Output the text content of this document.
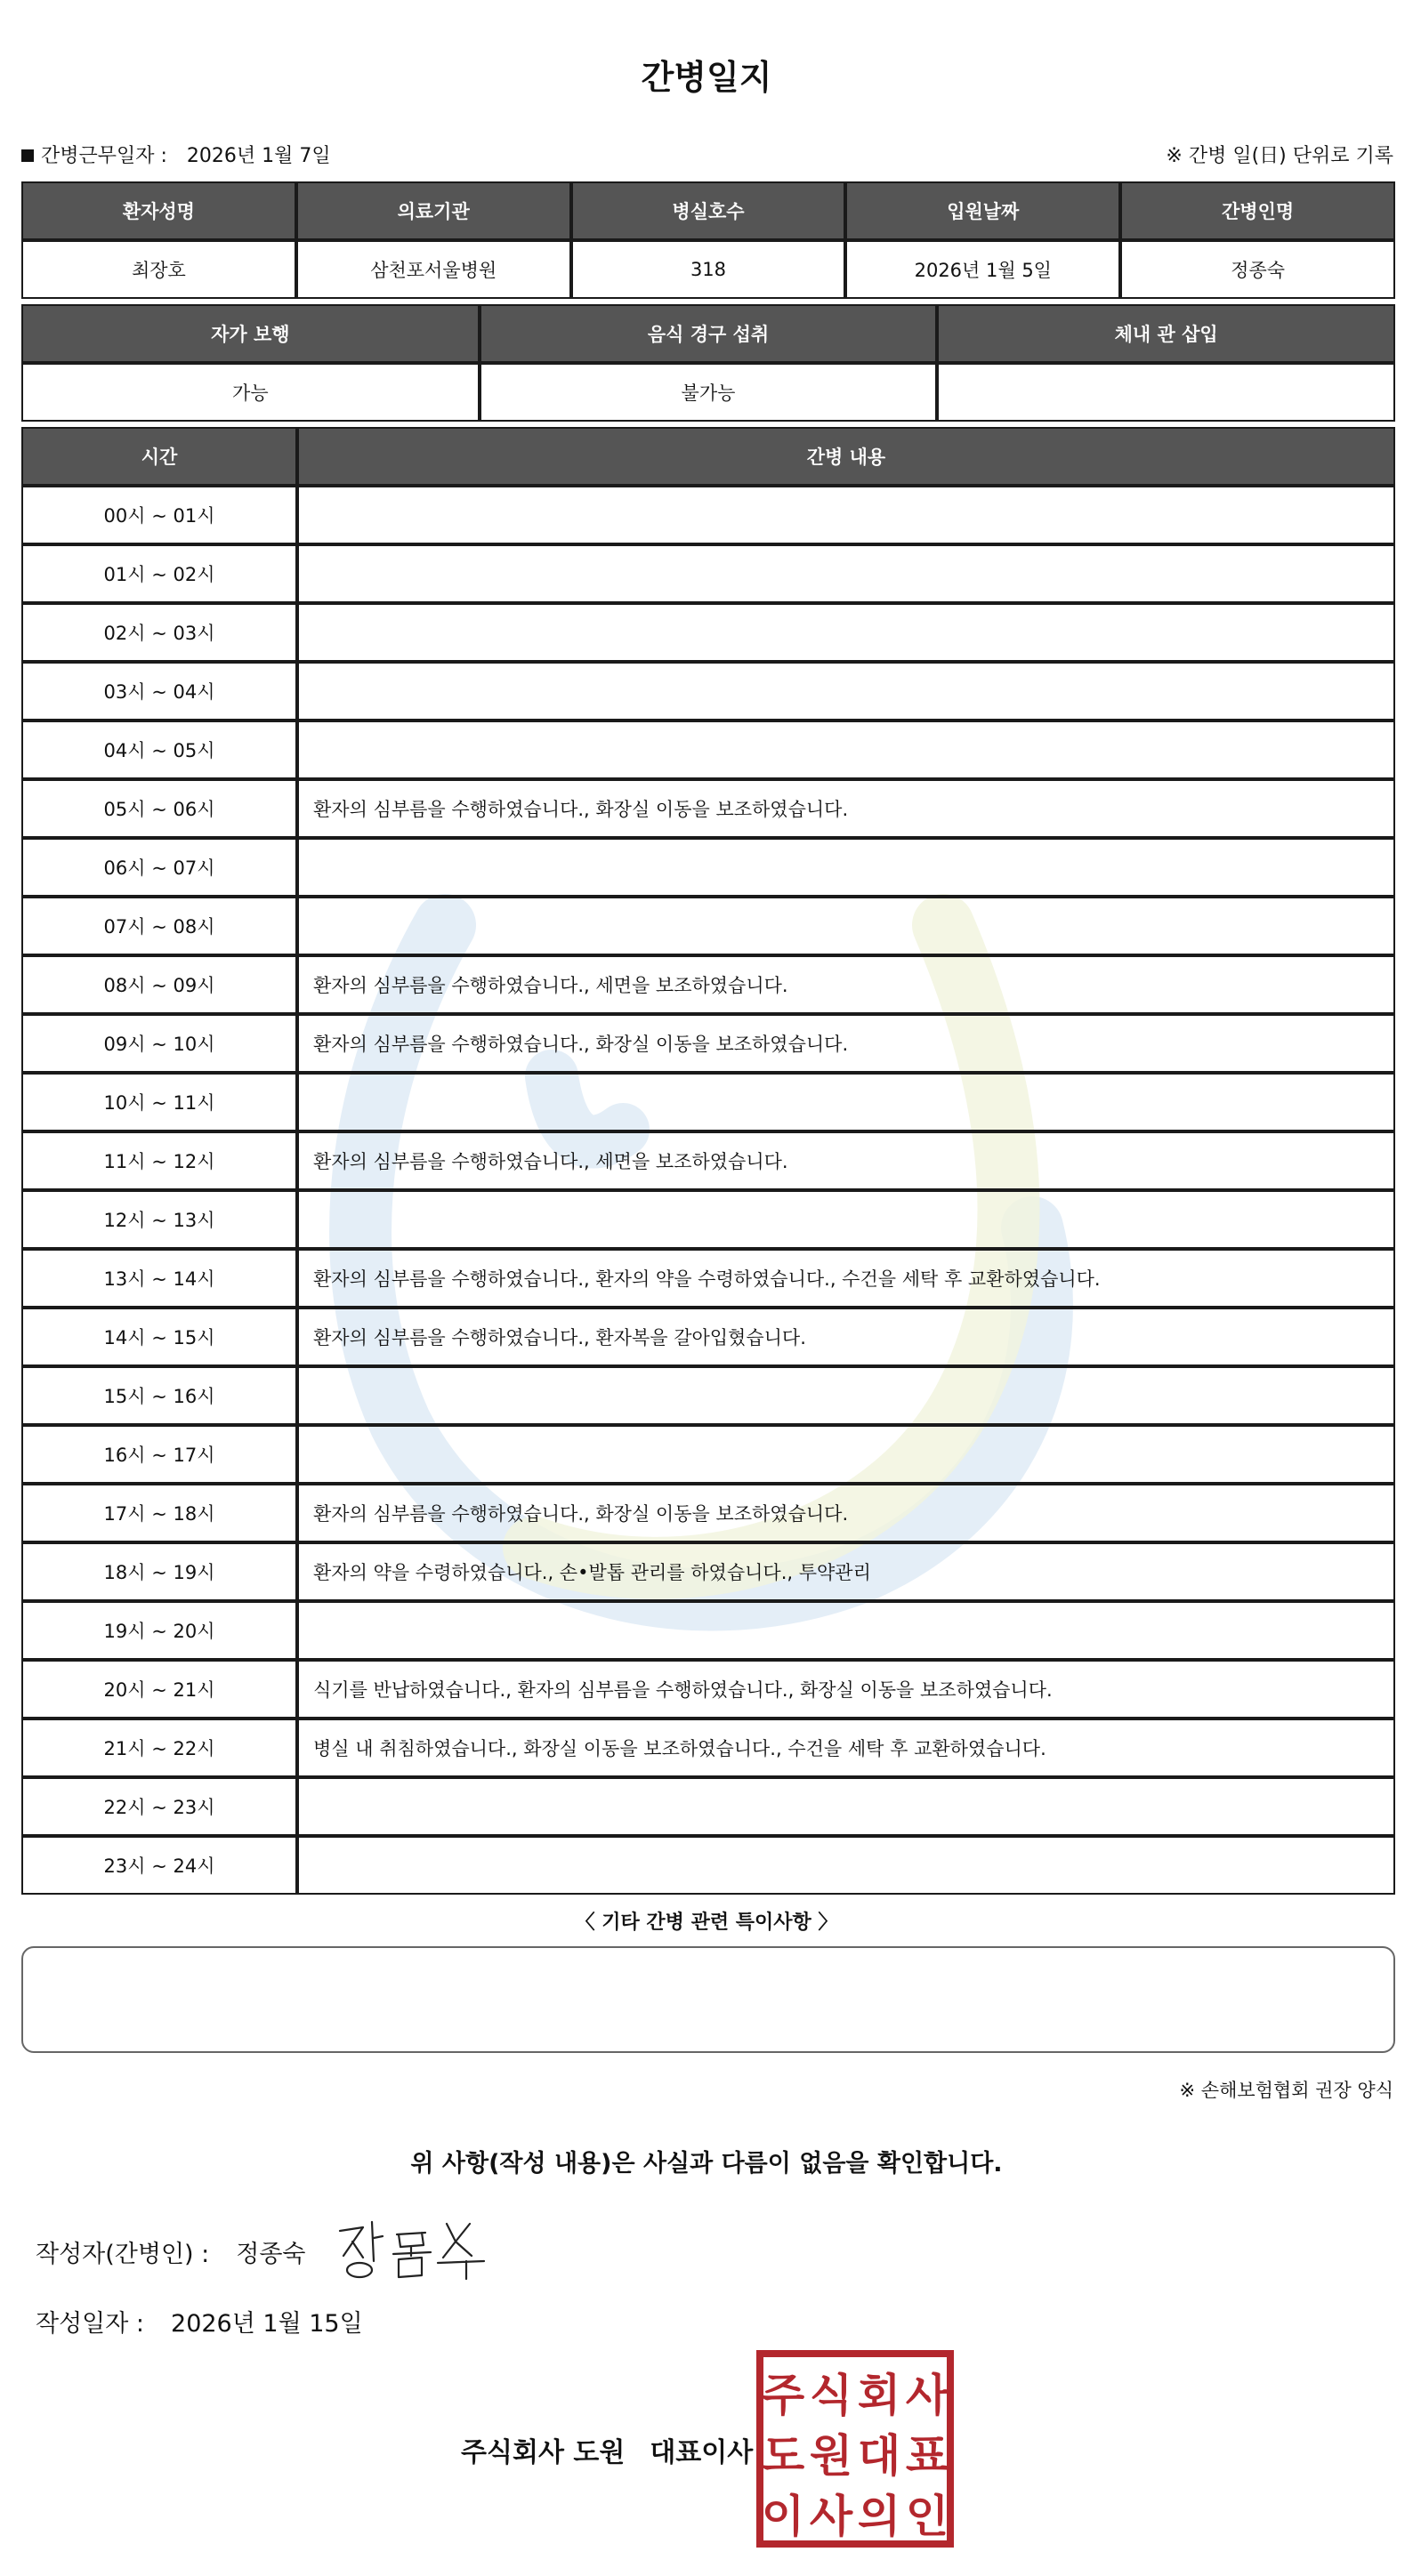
간병일지
간병근무일자 : 2026년 1월 7일	※ 간병 일(日) 단위로 기록
환자성명	의료기관	병실호수	입원날짜	간병인명
최장호	삼천포서울병원	318	2026년 1월 5일	정종숙
자가 보행	음식 경구 섭취	체내 관 삽입
가능	불가능	
시간	간병 내용
00시 ~ 01시	
01시 ~ 02시	
02시 ~ 03시	
03시 ~ 04시	
04시 ~ 05시	
05시 ~ 06시	환자의 심부름을 수행하였습니다., 화장실 이동을 보조하였습니다.
06시 ~ 07시	
07시 ~ 08시	
08시 ~ 09시	환자의 심부름을 수행하였습니다., 세면을 보조하였습니다.
09시 ~ 10시	환자의 심부름을 수행하였습니다., 화장실 이동을 보조하였습니다.
10시 ~ 11시	
11시 ~ 12시	환자의 심부름을 수행하였습니다., 세면을 보조하였습니다.
12시 ~ 13시	
13시 ~ 14시	환자의 심부름을 수행하였습니다., 환자의 약을 수령하였습니다., 수건을 세탁 후 교환하였습니다.
14시 ~ 15시	환자의 심부름을 수행하였습니다., 환자복을 갈아입혔습니다.
15시 ~ 16시	
16시 ~ 17시	
17시 ~ 18시	환자의 심부름을 수행하였습니다., 화장실 이동을 보조하였습니다.
18시 ~ 19시	환자의 약을 수령하였습니다., 손•발톱 관리를 하였습니다., 투약관리
19시 ~ 20시	
20시 ~ 21시	식기를 반납하였습니다., 환자의 심부름을 수행하였습니다., 화장실 이동을 보조하였습니다.
21시 ~ 22시	병실 내 취침하였습니다., 화장실 이동을 보조하였습니다., 수건을 세탁 후 교환하였습니다.
22시 ~ 23시	
23시 ~ 24시	
〈 기타 간병 관련 특이사항 〉
※ 손해보험협회 권장 양식
위 사항(작성 내용)은 사실과 다름이 없음을 확인합니다.
작성자(간병인) : 정종숙
작성일자 : 2026년 1월 15일
주식회사 도원 대표이사
주 식 회 사
도 원 대 표
이 사 의 인
